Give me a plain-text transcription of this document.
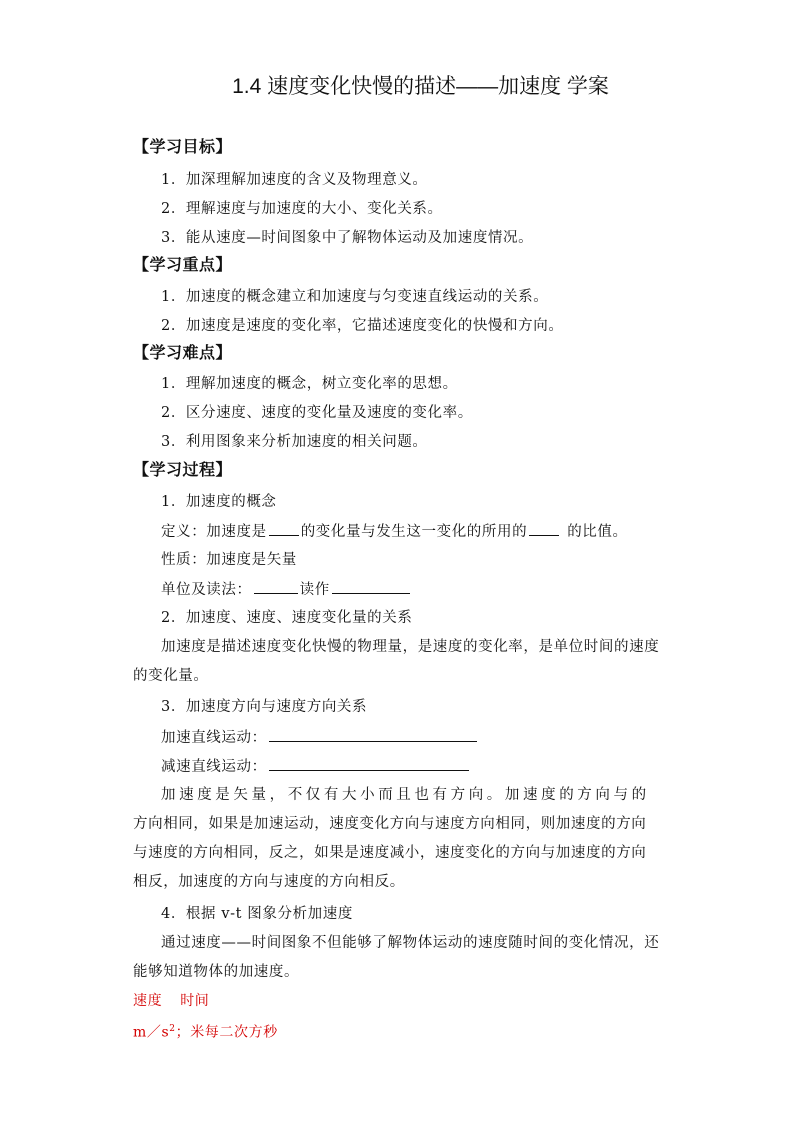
1.4 速度变化快慢的描述——加速度 学案
【学习目标】
1．加深理解加速度的含义及物理意义。
2．理解速度与加速度的大小、变化关系。
3．能从速度—时间图象中了解物体运动及加速度情况。
【学习重点】
1．加速度的概念建立和加速度与匀变速直线运动的关系。
2．加速度是速度的变化率，它描述速度变化的快慢和方向。
【学习难点】
1．理解加速度的概念，树立变化率的思想。
2．区分速度、速度的变化量及速度的变化率。
3．利用图象来分析加速度的相关问题。
【学习过程】
1．加速度的概念
定义：加速度是 的变化量与发生这一变化的所用的	的比值。
性质：加速度是矢量
单位及读法：	读作
2．加速度、速度、速度变化量的关系
加速度是描述速度变化快慢的物理量，是速度的变化率，是单位时间的速度的变化量。
3．加速度方向与速度方向关系
加速直线运动：
减速直线运动：
加速度是矢量，不仅有大小而且也有方向。加速度的方向与的方向相同，如果是加速运动，速度变化方向与速度方向相同，则加速度的方向与速度的方向相同，反之，如果是速度减小，速度变化的方向与加速度的方向相反，加速度的方向与速度的方向相反。
4．根据 v-t 图象分析加速度
通过速度——时间图象不但能够了解物体运动的速度随时间的变化情况，还能够知道物体的加速度。
速度 时间
$m/s^2$；米每二次方秒
